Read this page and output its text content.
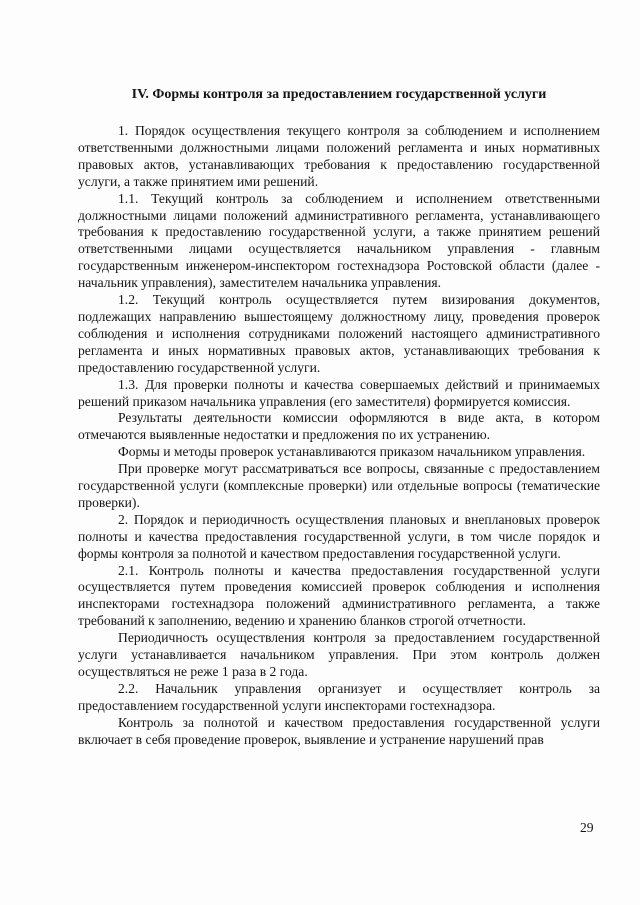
IV. Формы контроля за предоставлением государственной услуги

1. Порядок осуществления текущего контроля за соблюдением и исполнением ответственными должностными лицами положений регламента и иных нормативных правовых актов, устанавливающих требования к предоставлению государственной услуги, а также принятием ими решений.

1.1. Текущий контроль за соблюдением и исполнением ответственными должностными лицами положений административного регламента, устанавливающего требования к предоставлению государственной услуги, а также принятием решений ответственными лицами осуществляется начальником управления - главным государственным инженером-инспектором гостехнадзора Ростовской области (далее - начальник управления), заместителем начальника управления.

1.2. Текущий контроль осуществляется путем визирования документов, подлежащих направлению вышестоящему должностному лицу, проведения проверок соблюдения и исполнения сотрудниками положений настоящего административного регламента и иных нормативных правовых актов, устанавливающих требования к предоставлению государственной услуги.

1.3. Для проверки полноты и качества совершаемых действий и принимаемых решений приказом начальника управления (его заместителя) формируется комиссия.

Результаты деятельности комиссии оформляются в виде акта, в котором отмечаются выявленные недостатки и предложения по их устранению.

Формы и методы проверок устанавливаются приказом начальником управления.

При проверке могут рассматриваться все вопросы, связанные с предоставлением государственной услуги (комплексные проверки) или отдельные вопросы (тематические проверки).

2. Порядок и периодичность осуществления плановых и внеплановых проверок полноты и качества предоставления государственной услуги, в том числе порядок и формы контроля за полнотой и качеством предоставления государственной услуги.

2.1. Контроль полноты и качества предоставления государственной услуги осуществляется путем проведения комиссией проверок соблюдения и исполнения инспекторами гостехнадзора положений административного регламента, а также требований к заполнению, ведению и хранению бланков строгой отчетности.

Периодичность осуществления контроля за предоставлением государственной услуги устанавливается начальником управления. При этом контроль должен осуществляться не реже 1 раза в 2 года.

2.2. Начальник управления организует и осуществляет контроль за предоставлением государственной услуги инспекторами гостехнадзора.

Контроль за полнотой и качеством предоставления государственной услуги включает в себя проведение проверок, выявление и устранение нарушений прав

29
